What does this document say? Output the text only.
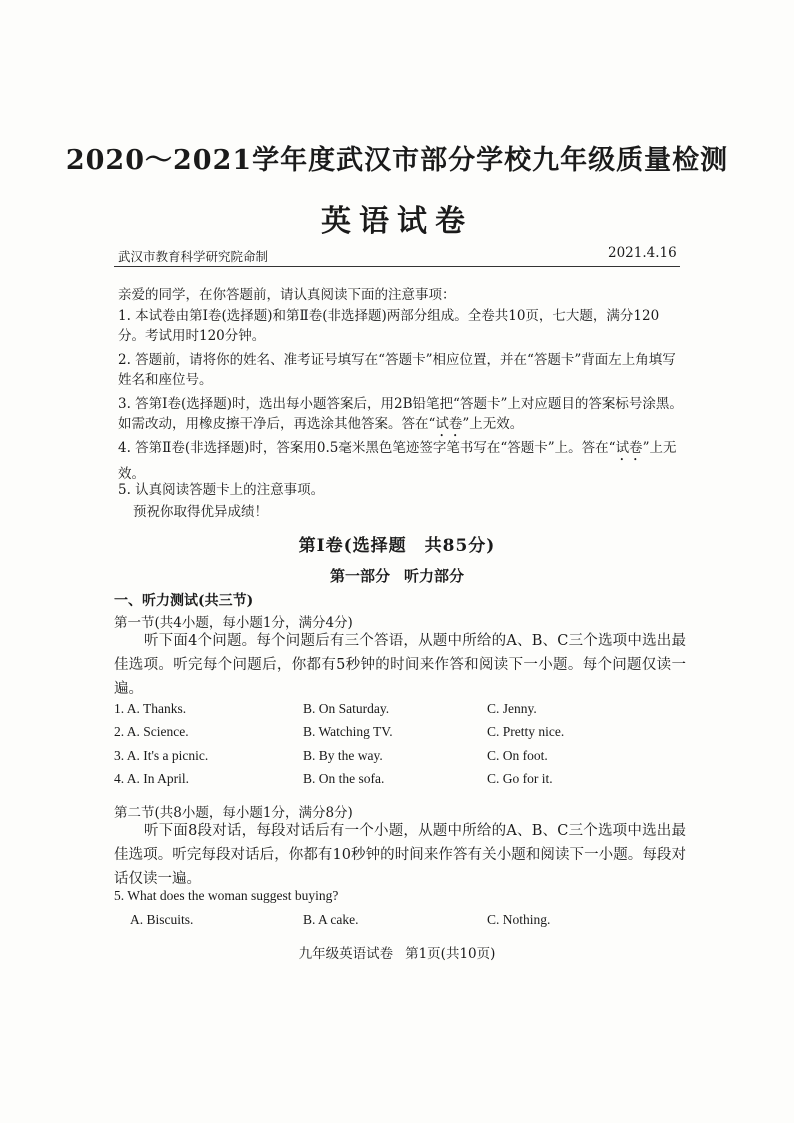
2020～2021学年度武汉市部分学校九年级质量检测
英语试卷
武汉市教育科学研究院命制	2021.4.16
亲爱的同学，在你答题前，请认真阅读下面的注意事项：
1. 本试卷由第Ⅰ卷(选择题)和第Ⅱ卷(非选择题)两部分组成。全卷共10页，七大题，满分120分。考试用时120分钟。
2. 答题前，请将你的姓名、准考证号填写在“答题卡”相应位置，并在“答题卡”背面左上角填写姓名和座位号。
3. 答第Ⅰ卷(选择题)时，选出每小题答案后，用2B铅笔把“答题卡”上对应题目的答案标号涂黑。如需改动，用橡皮擦干净后，再选涂其他答案。答在“试卷”上无效。
4. 答第Ⅱ卷(非选择题)时，答案用0.5毫米黑色笔迹签字笔书写在“答题卡”上。答在“试卷”上无效。
5. 认真阅读答题卡上的注意事项。
预祝你取得优异成绩！
第Ⅰ卷(选择题 共85分)
第一部分 听力部分
一、听力测试(共三节)
第一节(共4小题，每小题1分，满分4分)
听下面4个问题。每个问题后有三个答语，从题中所给的A、B、C三个选项中选出最佳选项。听完每个问题后，你都有5秒钟的时间来作答和阅读下一小题。每个问题仅读一遍。
1. A. Thanks.	B. On Saturday.	C. Jenny.
2. A. Science.	B. Watching TV.	C. Pretty nice.
3. A. It's a picnic.	B. By the way.	C. On foot.
4. A. In April.	B. On the sofa.	C. Go for it.
第二节(共8小题，每小题1分，满分8分)
听下面8段对话，每段对话后有一个小题，从题中所给的A、B、C三个选项中选出最佳选项。听完每段对话后，你都有10秒钟的时间来作答有关小题和阅读下一小题。每段对话仅读一遍。
5. What does the woman suggest buying?
A. Biscuits.	B. A cake.	C. Nothing.
九年级英语试卷 第1页(共10页)
